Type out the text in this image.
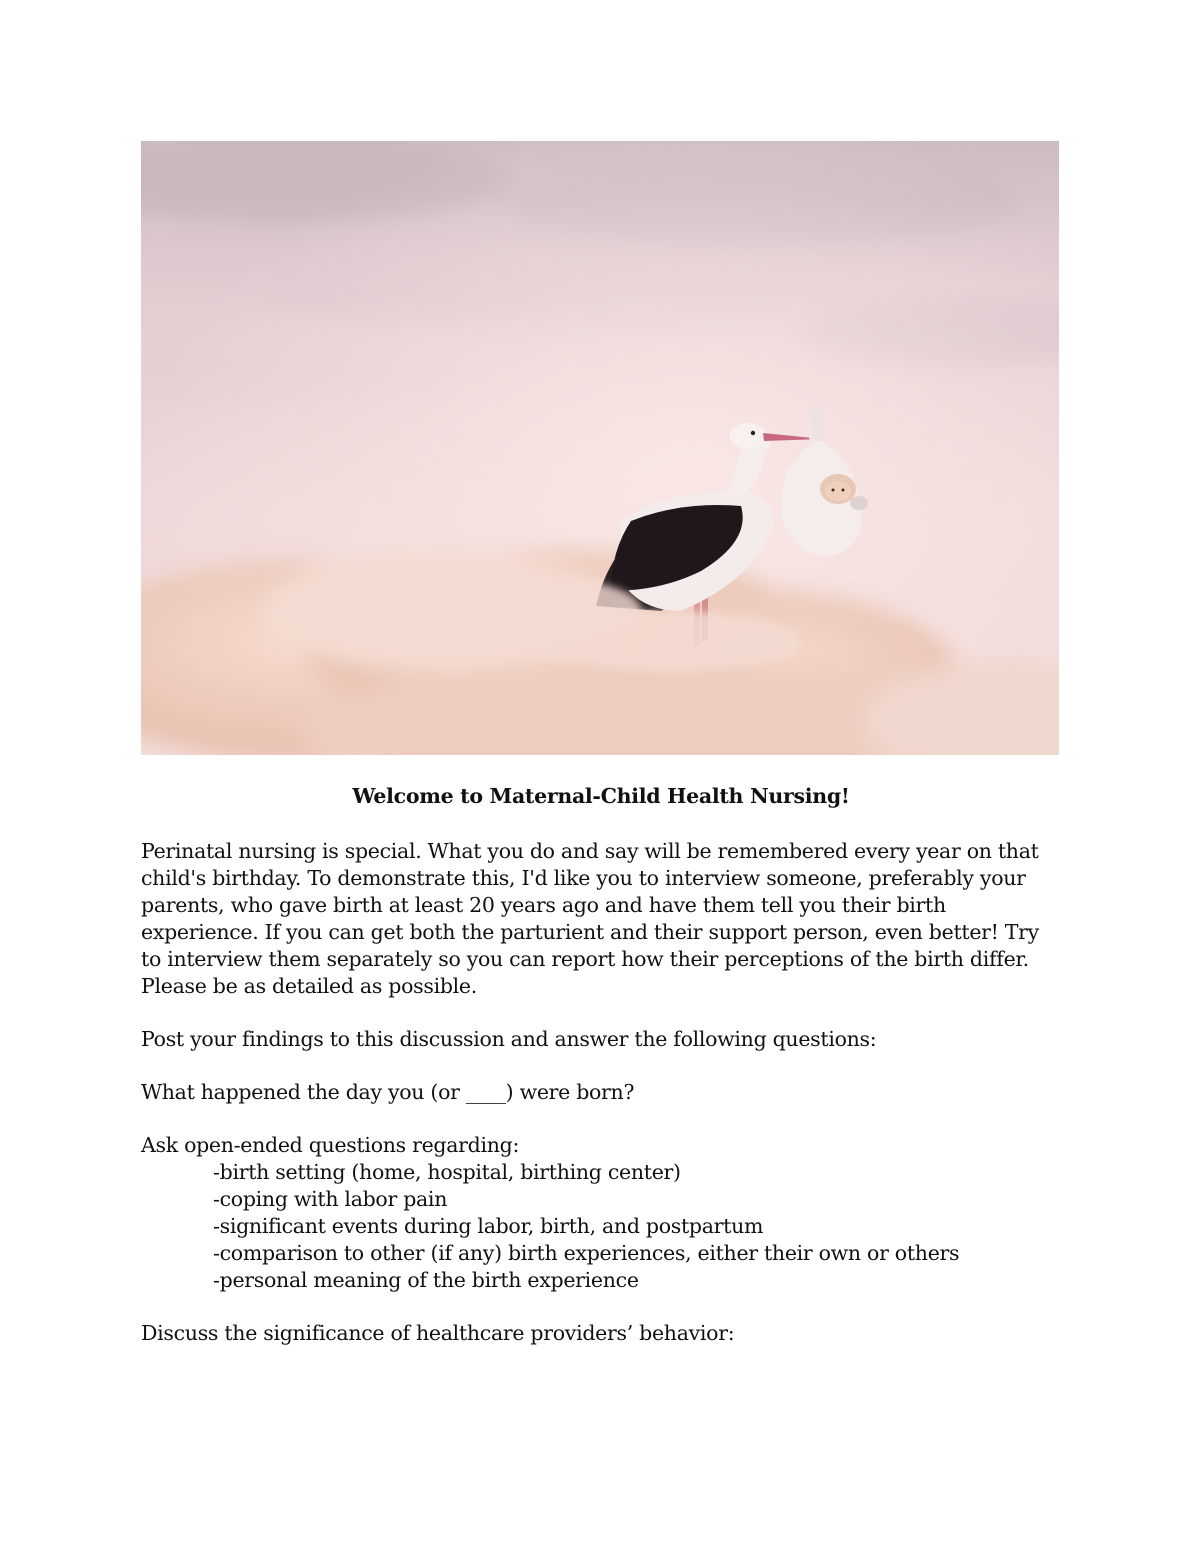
Welcome to Maternal-Child Health Nursing!

Perinatal nursing is special. What you do and say will be remembered every year on that child's birthday. To demonstrate this, I'd like you to interview someone, preferably your parents, who gave birth at least 20 years ago and have them tell you their birth experience. If you can get both the parturient and their support person, even better! Try to interview them separately so you can report how their perceptions of the birth differ. Please be as detailed as possible.

Post your findings to this discussion and answer the following questions:

What happened the day you (or ____) were born?

Ask open-ended questions regarding:
-birth setting (home, hospital, birthing center)
-coping with labor pain
-significant events during labor, birth, and postpartum
-comparison to other (if any) birth experiences, either their own or others
-personal meaning of the birth experience

Discuss the significance of healthcare providers’ behavior:
